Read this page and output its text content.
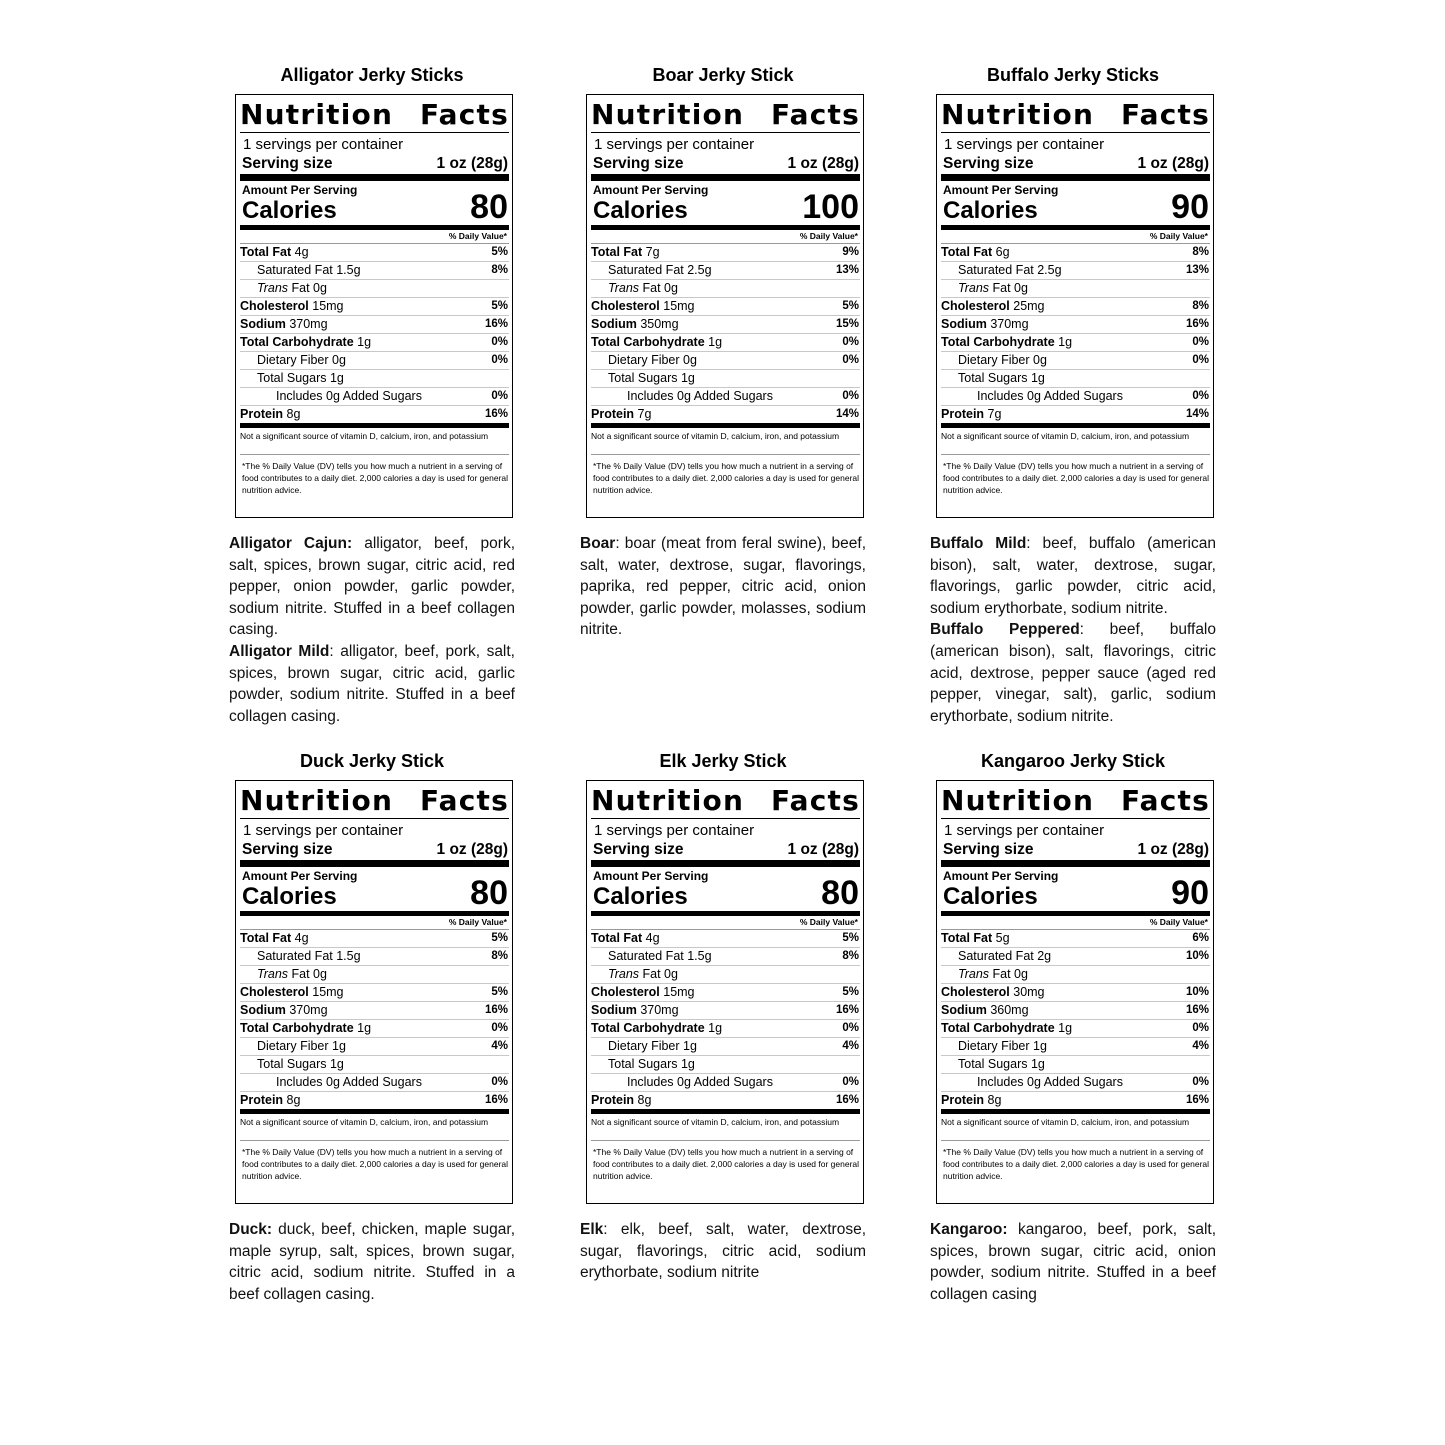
Alligator Jerky Sticks
Nutrition Facts
1 servings per container
Serving size	1 oz (28g)
Amount Per Serving
Calories	80
% Daily Value*
Total Fat 4g	5%
Saturated Fat 1.5g	8%
Trans Fat 0g
Cholesterol 15mg	5%
Sodium 370mg	16%
Total Carbohydrate 1g	0%
Dietary Fiber 0g	0%
Total Sugars 1g
Includes 0g Added Sugars	0%
Protein 8g	16%
Not a significant source of vitamin D, calcium, iron, and potassium
*The % Daily Value (DV) tells you how much a nutrient in a serving of food contributes to a daily diet. 2,000 calories a day is used for general nutrition advice.

Alligator Cajun: alligator, beef, pork, salt, spices, brown sugar, citric acid, red pepper, onion powder, garlic powder, sodium nitrite. Stuffed in a beef collagen casing.

Alligator Mild: alligator, beef, pork, salt, spices, brown sugar, citric acid, garlic powder, sodium nitrite. Stuffed in a beef collagen casing.

Boar Jerky Stick
Nutrition Facts
1 servings per container
Serving size	1 oz (28g)
Amount Per Serving
Calories	100
% Daily Value*
Total Fat 7g	9%
Saturated Fat 2.5g	13%
Trans Fat 0g
Cholesterol 15mg	5%
Sodium 350mg	15%
Total Carbohydrate 1g	0%
Dietary Fiber 0g	0%
Total Sugars 1g
Includes 0g Added Sugars	0%
Protein 7g	14%
Not a significant source of vitamin D, calcium, iron, and potassium
*The % Daily Value (DV) tells you how much a nutrient in a serving of food contributes to a daily diet. 2,000 calories a day is used for general nutrition advice.

Boar: boar (meat from feral swine), beef, salt, water, dextrose, sugar, flavorings, paprika, red pepper, citric acid, onion powder, garlic powder, molasses, sodium nitrite.

Buffalo Jerky Sticks
Nutrition Facts
1 servings per container
Serving size	1 oz (28g)
Amount Per Serving
Calories	90
% Daily Value*
Total Fat 6g	8%
Saturated Fat 2.5g	13%
Trans Fat 0g
Cholesterol 25mg	8%
Sodium 370mg	16%
Total Carbohydrate 1g	0%
Dietary Fiber 0g	0%
Total Sugars 1g
Includes 0g Added Sugars	0%
Protein 7g	14%
Not a significant source of vitamin D, calcium, iron, and potassium
*The % Daily Value (DV) tells you how much a nutrient in a serving of food contributes to a daily diet. 2,000 calories a day is used for general nutrition advice.

Buffalo Mild: beef, buffalo (american bison), salt, water, dextrose, sugar, flavorings, garlic powder, citric acid, sodium erythorbate, sodium nitrite.

Buffalo Peppered: beef, buffalo (american bison), salt, flavorings, citric acid, dextrose, pepper sauce (aged red pepper, vinegar, salt), garlic, sodium erythorbate, sodium nitrite.

Duck Jerky Stick
Nutrition Facts
1 servings per container
Serving size	1 oz (28g)
Amount Per Serving
Calories	80
% Daily Value*
Total Fat 4g	5%
Saturated Fat 1.5g	8%
Trans Fat 0g
Cholesterol 15mg	5%
Sodium 370mg	16%
Total Carbohydrate 1g	0%
Dietary Fiber 1g	4%
Total Sugars 1g
Includes 0g Added Sugars	0%
Protein 8g	16%
Not a significant source of vitamin D, calcium, iron, and potassium
*The % Daily Value (DV) tells you how much a nutrient in a serving of food contributes to a daily diet. 2,000 calories a day is used for general nutrition advice.

Duck: duck, beef, chicken, maple sugar, maple syrup, salt, spices, brown sugar, citric acid, sodium nitrite. Stuffed in a beef collagen casing.

Elk Jerky Stick
Nutrition Facts
1 servings per container
Serving size	1 oz (28g)
Amount Per Serving
Calories	80
% Daily Value*
Total Fat 4g	5%
Saturated Fat 1.5g	8%
Trans Fat 0g
Cholesterol 15mg	5%
Sodium 370mg	16%
Total Carbohydrate 1g	0%
Dietary Fiber 1g	4%
Total Sugars 1g
Includes 0g Added Sugars	0%
Protein 8g	16%
Not a significant source of vitamin D, calcium, iron, and potassium
*The % Daily Value (DV) tells you how much a nutrient in a serving of food contributes to a daily diet. 2,000 calories a day is used for general nutrition advice.

Elk: elk, beef, salt, water, dextrose, sugar, flavorings, citric acid, sodium erythorbate, sodium nitrite

Kangaroo Jerky Stick
Nutrition Facts
1 servings per container
Serving size	1 oz (28g)
Amount Per Serving
Calories	90
% Daily Value*
Total Fat 5g	6%
Saturated Fat 2g	10%
Trans Fat 0g
Cholesterol 30mg	10%
Sodium 360mg	16%
Total Carbohydrate 1g	0%
Dietary Fiber 1g	4%
Total Sugars 1g
Includes 0g Added Sugars	0%
Protein 8g	16%
Not a significant source of vitamin D, calcium, iron, and potassium
*The % Daily Value (DV) tells you how much a nutrient in a serving of food contributes to a daily diet. 2,000 calories a day is used for general nutrition advice.

Kangaroo: kangaroo, beef, pork, salt, spices, brown sugar, citric acid, onion powder, sodium nitrite. Stuffed in a beef collagen casing
